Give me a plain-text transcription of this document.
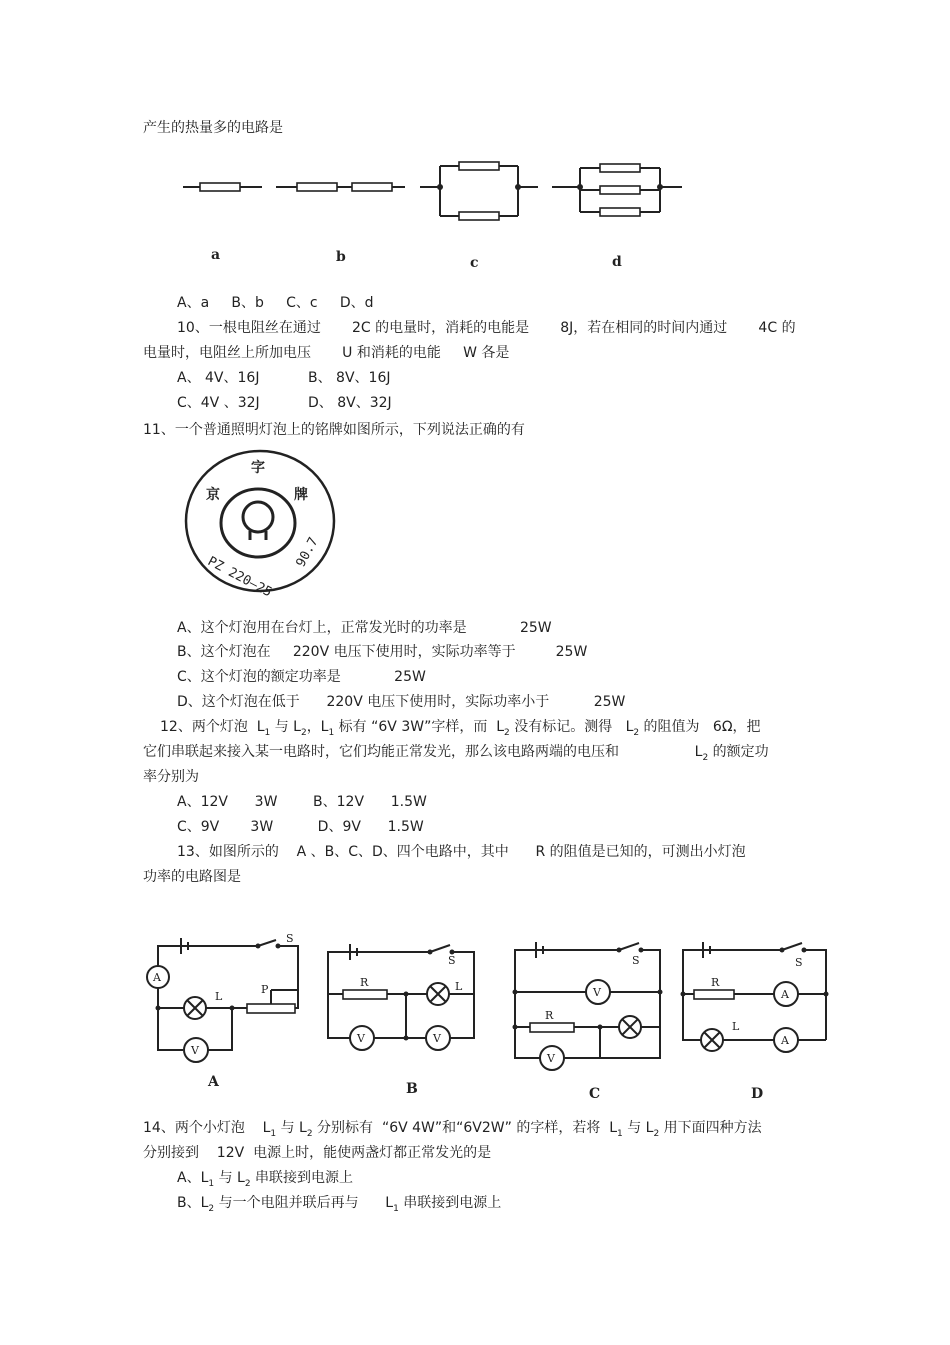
产生的热量多的电路是
a	b	c	d
A、a     B、b     C、c     D、d
10、一根电阻丝在通过       2C 的电量时，消耗的电能是       8J，若在相同的时间内通过       4C 的
电量时，电阻丝上所加电压       U 和消耗的电能     W 各是
A、 4V、16J	B、 8V、16J
C、4V 、32J	D、 8V、32J
11、一个普通照明灯泡上的铭牌如图所示，下列说法正确的有
字
京	牌
PZ 220—25
90.7
A、这个灯泡用在台灯上，正常发光时的功率是            25W
B、这个灯泡在     220V 电压下使用时，实际功率等于         25W
C、这个灯泡的额定功率是            25W
D、这个灯泡在低于      220V 电压下使用时，实际功率小于          25W
12、两个灯泡  $L_1$ 与 $L_2$，$L_1$ 标有 “6V 3W”字样，而  $L_2$ 没有标记。测得   $L_2$ 的阻值为   6Ω，把
它们串联起来接入某一电路时，它们均能正常发光，那么该电路两端的电压和                 $L_2$ 的额定功
率分别为
A、12V      3W        B、12V      1.5W
C、9V       3W          D、9V      1.5W
13、如图所示的    A 、B、C、D、四个电路中，其中      R 的阻值是已知的，可测出小灯泡
功率的电路图是
A
V
S
L
P
V	V
S
R	L	V
V
S
R
A
A
S
R
L
A	B	C	D
14、两个小灯泡    $L_1$ 与 $L_2$ 分别标有  “6V 4W”和“6V2W” 的字样，若将  $L_1$ 与 $L_2$ 用下面四种方法
分别接到    12V  电源上时，能使两盏灯都正常发光的是
A、$L_1$ 与 $L_2$ 串联接到电源上
B、$L_2$ 与一个电阻并联后再与      $L_1$ 串联接到电源上
